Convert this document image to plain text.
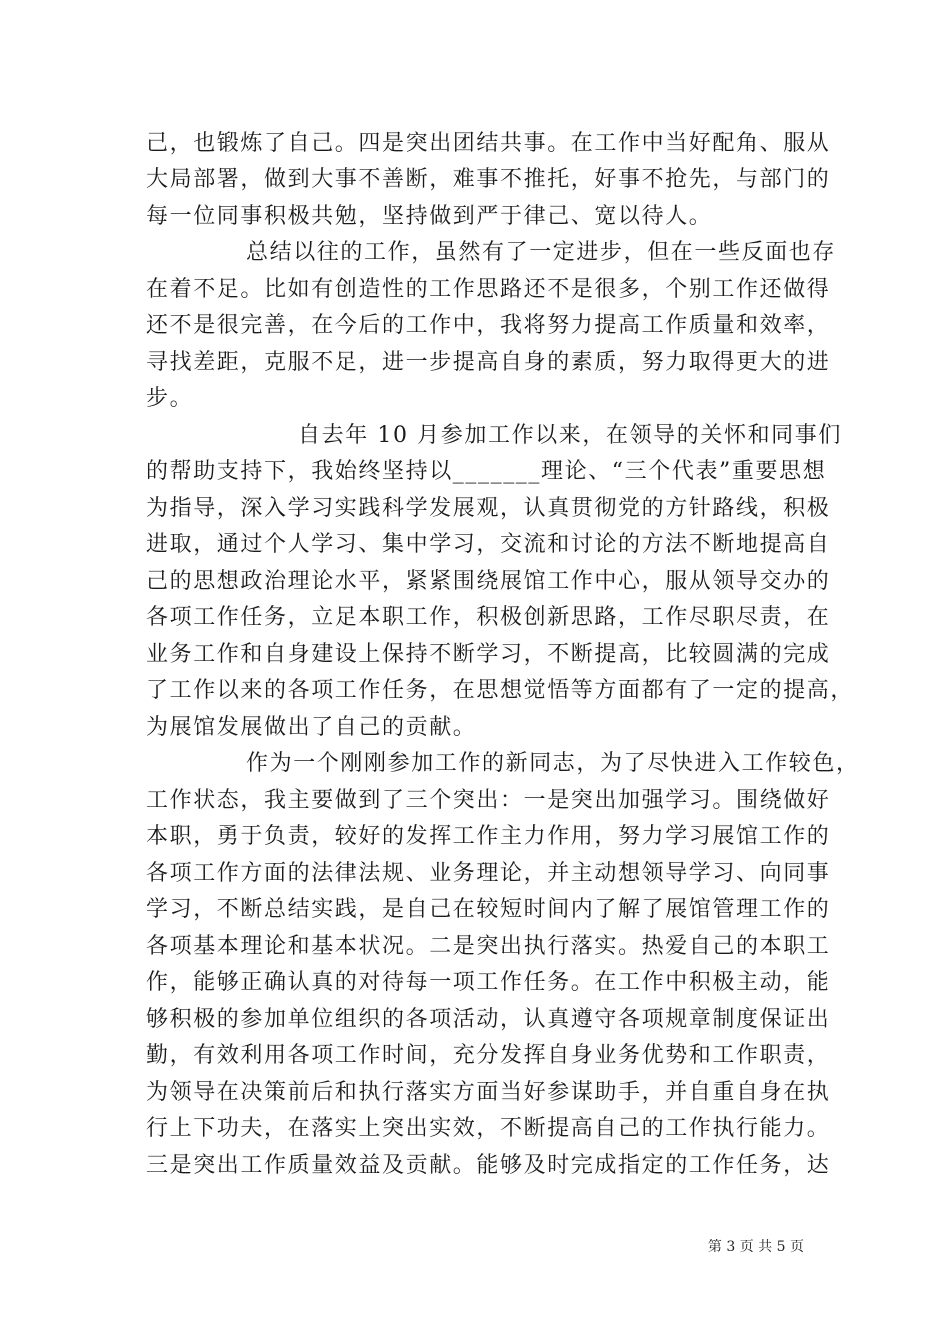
己，也锻炼了自己。四是突出团结共事。在工作中当好配角、服从
大局部署，做到大事不善断，难事不推托，好事不抢先，与部门的
每一位同事积极共勉，坚持做到严于律己、宽以待人。
总结以往的工作，虽然有了一定进步，但在一些反面也存
在着不足。比如有创造性的工作思路还不是很多，个别工作还做得
还不是很完善，在今后的工作中，我将努力提高工作质量和效率，
寻找差距，克服不足，进一步提高自身的素质，努力取得更大的进
步。
自去年 10 月参加工作以来，在领导的关怀和同事们
的帮助支持下，我始终坚持以_______理论、“三个代表”重要思想
为指导，深入学习实践科学发展观，认真贯彻党的方针路线，积极
进取，通过个人学习、集中学习，交流和讨论的方法不断地提高自
己的思想政治理论水平，紧紧围绕展馆工作中心，服从领导交办的
各项工作任务，立足本职工作，积极创新思路，工作尽职尽责，在
业务工作和自身建设上保持不断学习，不断提高，比较圆满的完成
了工作以来的各项工作任务，在思想觉悟等方面都有了一定的提高，
为展馆发展做出了自己的贡献。
作为一个刚刚参加工作的新同志，为了尽快进入工作较色，
工作状态，我主要做到了三个突出：一是突出加强学习。围绕做好
本职，勇于负责，较好的发挥工作主力作用，努力学习展馆工作的
各项工作方面的法律法规、业务理论，并主动想领导学习、向同事
学习，不断总结实践，是自己在较短时间内了解了展馆管理工作的
各项基本理论和基本状况。二是突出执行落实。热爱自己的本职工
作，能够正确认真的对待每一项工作任务。在工作中积极主动，能
够积极的参加单位组织的各项活动，认真遵守各项规章制度保证出
勤，有效利用各项工作时间，充分发挥自身业务优势和工作职责，
为领导在决策前后和执行落实方面当好参谋助手，并自重自身在执
行上下功夫，在落实上突出实效，不断提高自己的工作执行能力。
三是突出工作质量效益及贡献。能够及时完成指定的工作任务，达
第 3 页 共 5 页
